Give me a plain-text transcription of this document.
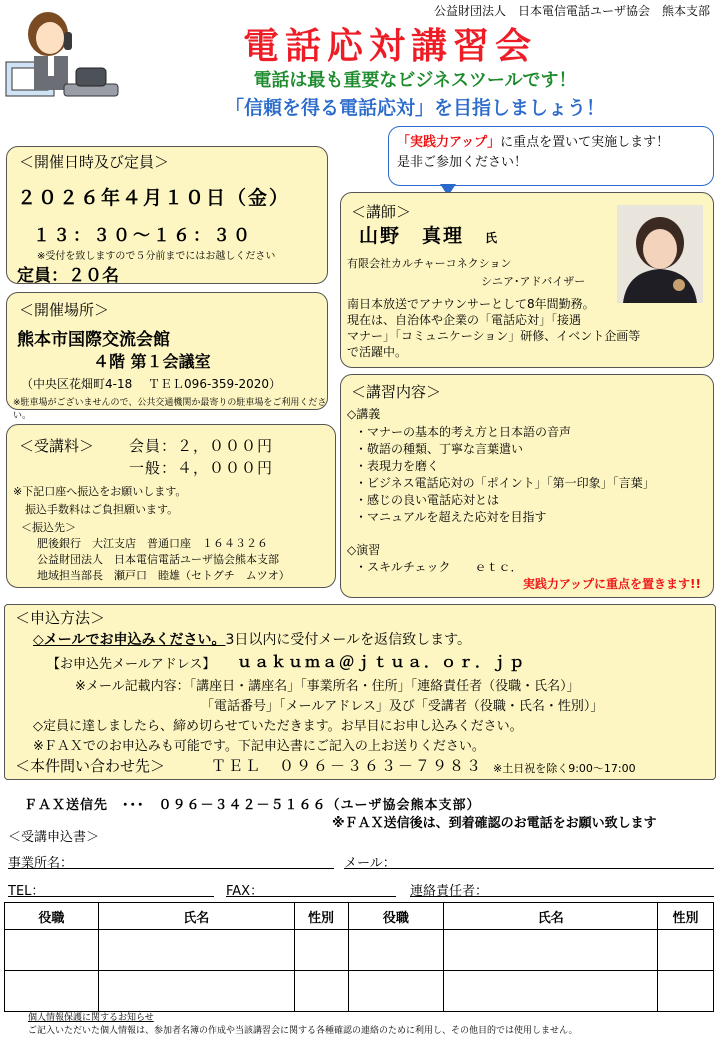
公益財団法人　日本電信電話ユーザ協会　熊本支部
電話応対講習会
電話は最も重要なビジネスツールです！
「信頼を得る電話応対」を目指しましょう！
「実践力アップ」に重点を置いて実施します！
是非ご参加ください！
＜開催日時及び定員＞
２０２６年４月１０日（金）
１３：３０～１６：３０
※受付を致しますので５分前までにはお越しください
定員：２０名
＜開催場所＞
熊本市国際交流会館
４階 第１会議室
（中央区花畑町4-18　 ＴＥＬ096-359-2020）
※駐車場がございませんので、公共交通機関か最寄りの駐車場をご利用ください。
＜受講料＞ 会員：２，０００円
一般：４，０００円
※下記口座へ振込をお願いします。
振込手数料はご負担願います。
＜振込先＞
肥後銀行　大江支店　普通口座　１６４３２６
公益財団法人　日本電信電話ユーザ協会熊本支部
地域担当部長　瀬戸口　睦雄（セトグチ　ムツオ）
＜講師＞
山野　真理 氏
有限会社カルチャーコネクション
シニア･アドバイザー
南日本放送でアナウンサーとして8年間勤務。
現在は、自治体や企業の「電話応対」「接遇
マナー」「コミュニケーション」研修、イベント企画等
で活躍中。
＜講習内容＞
◇講義
・マナーの基本的考え方と日本語の音声
・敬語の種類、丁寧な言葉遣い
・表現力を磨く
・ビジネス電話応対の「ポイント」「第一印象」「言葉」
・感じの良い電話応対とは
・マニュアルを超えた応対を目指す
◇演習
・スキルチェック　　ｅｔｃ．
実践力アップに重点を置きます!!
＜申込方法＞
◇メールでお申込みください。3日以内に受付メールを返信致します。
【お申込先メールアドレス】 ｕａｋｕｍａ＠ｊｔｕａ．ｏｒ．ｊｐ
※メール記載内容：「講座日・講座名」「事業所名・住所」「連絡責任者（役職・氏名）」
「電話番号」「メールアドレス」及び「受講者（役職・氏名・性別）」
◇定員に達しましたら、締め切らせていただきます。お早目にお申し込みください。
※ＦＡＸでのお申込みも可能です。下記申込書にご記入の上お送りください。
＜本件問い合わせ先＞	ＴＥＬ　０９６－３６３－７９８３ ※土日祝を除く9:00～17:00
ＦＡＸ送信先　･･･　０９６－３４２－５１６６（ユーザ協会熊本支部）
※ＦＡＸ送信後は、到着確認のお電話をお願い致します
＜受講申込書＞
事業所名：	メール：
TEL：	FAX：	連絡責任者：
役職	氏名	性別	役職	氏名	性別

個人情報保護に関するお知らせ
ご記入いただいた個人情報は、参加者名簿の作成や当該講習会に関する各種確認の連絡のために利用し、その他目的では使用しません。
